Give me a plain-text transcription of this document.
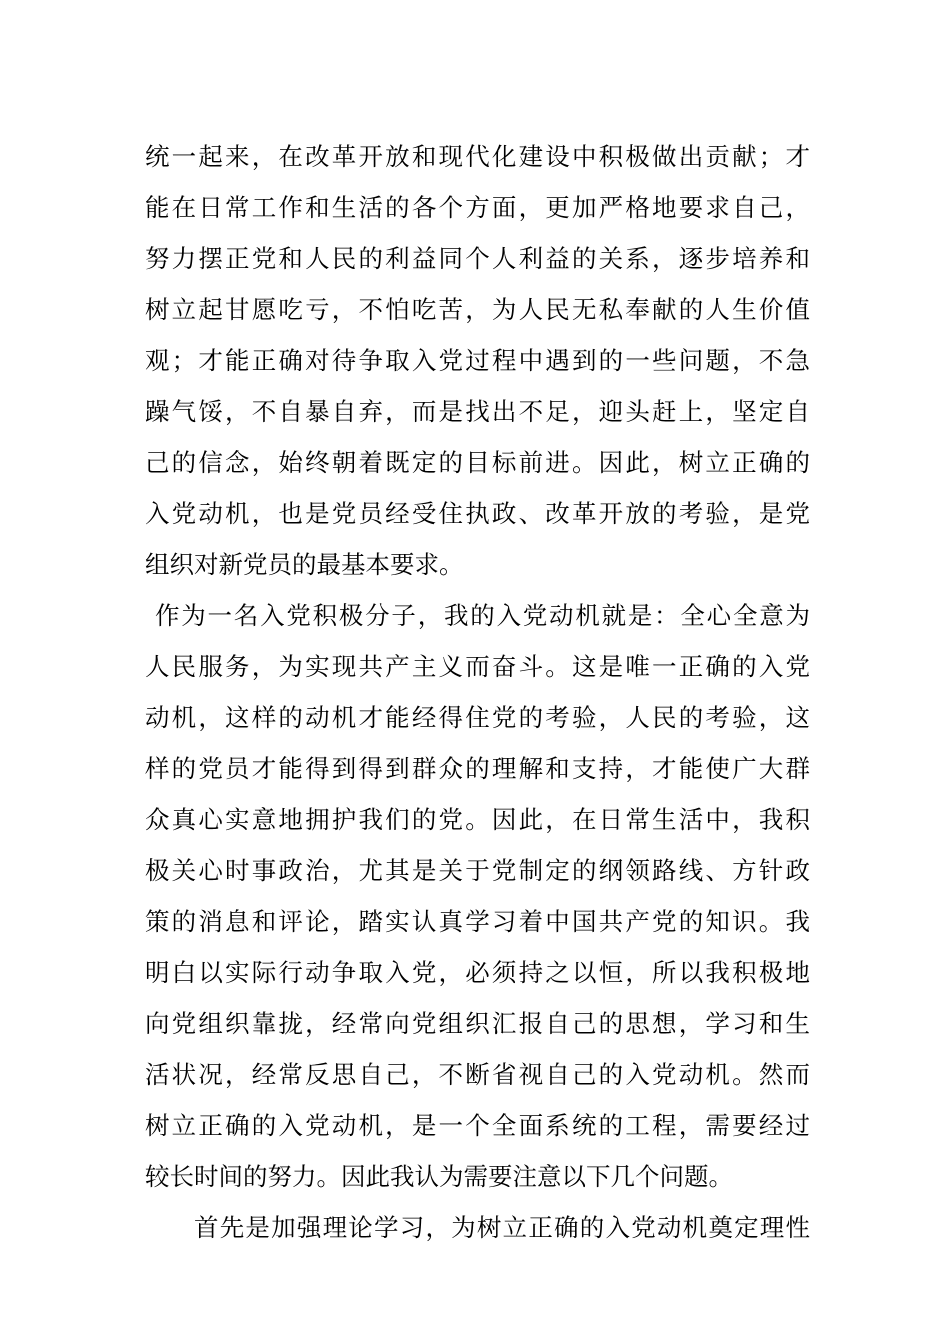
统一起来，在改革开放和现代化建设中积极做出贡献；才
能在日常工作和生活的各个方面，更加严格地要求自己，
努力摆正党和人民的利益同个人利益的关系，逐步培养和
树立起甘愿吃亏，不怕吃苦，为人民无私奉献的人生价值
观；才能正确对待争取入党过程中遇到的一些问题，不急
躁气馁，不自暴自弃，而是找出不足，迎头赶上，坚定自
己的信念，始终朝着既定的目标前进。因此，树立正确的
入党动机，也是党员经受住执政、改革开放的考验，是党
组织对新党员的最基本要求。
作为一名入党积极分子，我的入党动机就是：全心全意为
人民服务，为实现共产主义而奋斗。这是唯一正确的入党
动机，这样的动机才能经得住党的考验，人民的考验，这
样的党员才能得到得到群众的理解和支持，才能使广大群
众真心实意地拥护我们的党。因此，在日常生活中，我积
极关心时事政治，尤其是关于党制定的纲领路线、方针政
策的消息和评论，踏实认真学习着中国共产党的知识。我
明白以实际行动争取入党，必须持之以恒，所以我积极地
向党组织靠拢，经常向党组织汇报自己的思想，学习和生
活状况，经常反思自己，不断省视自己的入党动机。然而
树立正确的入党动机，是一个全面系统的工程，需要经过
较长时间的努力。因此我认为需要注意以下几个问题。
首先是加强理论学习，为树立正确的入党动机奠定理性
